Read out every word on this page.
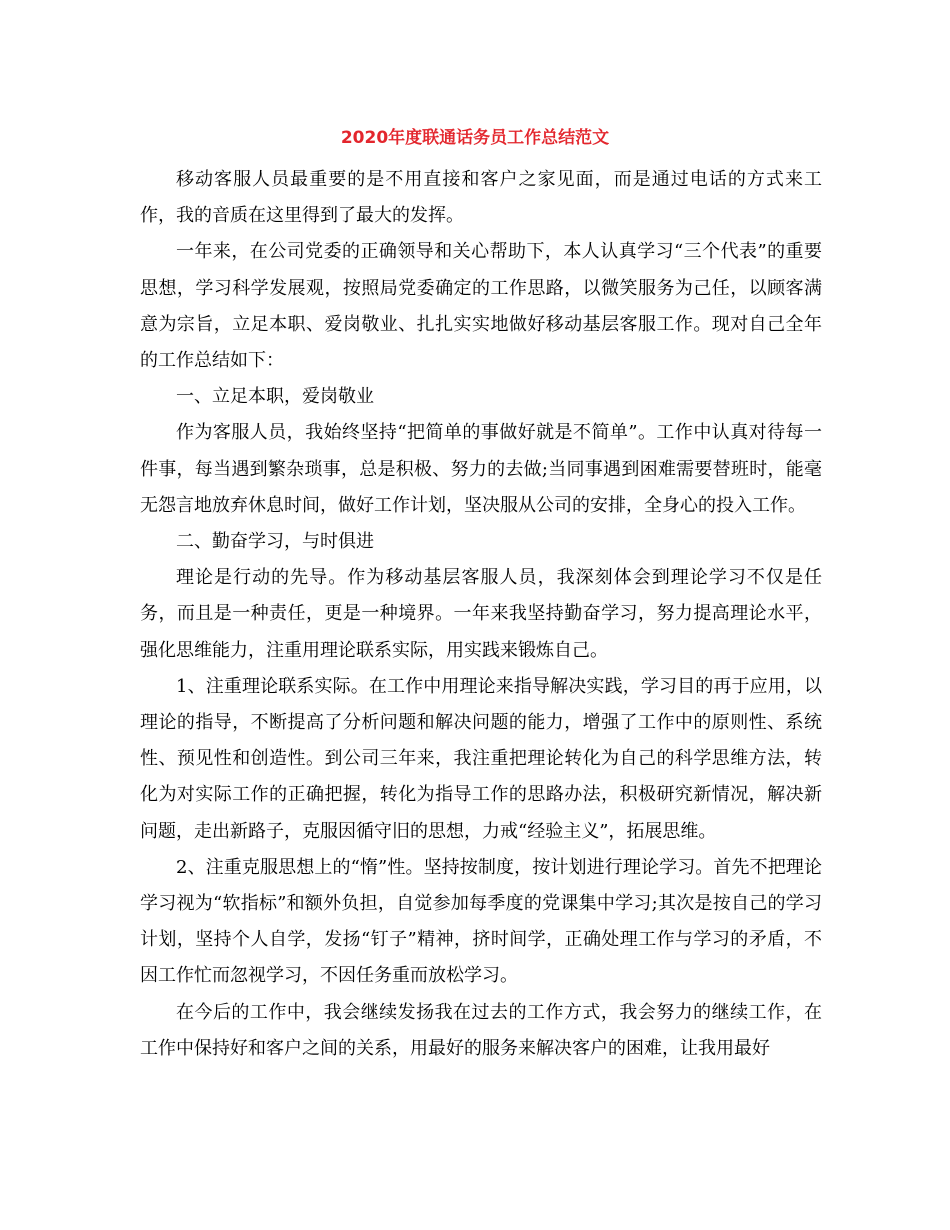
2020年度联通话务员工作总结范文

移动客服人员最重要的是不用直接和客户之家见面，而是通过电话的方式来工作，我的音质在这里得到了最大的发挥。

一年来，在公司党委的正确领导和关心帮助下，本人认真学习“三个代表”的重要思想，学习科学发展观，按照局党委确定的工作思路，以微笑服务为己任，以顾客满意为宗旨，立足本职、爱岗敬业、扎扎实实地做好移动基层客服工作。现对自己全年的工作总结如下：

一、立足本职，爱岗敬业

作为客服人员，我始终坚持“把简单的事做好就是不简单”。工作中认真对待每一件事，每当遇到繁杂琐事，总是积极、努力的去做;当同事遇到困难需要替班时，能毫无怨言地放弃休息时间，做好工作计划，坚决服从公司的安排，全身心的投入工作。

二、勤奋学习，与时俱进

理论是行动的先导。作为移动基层客服人员，我深刻体会到理论学习不仅是任务，而且是一种责任，更是一种境界。一年来我坚持勤奋学习，努力提高理论水平，强化思维能力，注重用理论联系实际，用实践来锻炼自己。

1、注重理论联系实际。在工作中用理论来指导解决实践，学习目的再于应用，以理论的指导，不断提高了分析问题和解决问题的能力，增强了工作中的原则性、系统性、预见性和创造性。到公司三年来，我注重把理论转化为自己的科学思维方法，转化为对实际工作的正确把握，转化为指导工作的思路办法，积极研究新情况，解决新问题，走出新路子，克服因循守旧的思想，力戒“经验主义”，拓展思维。

2、注重克服思想上的“惰”性。坚持按制度，按计划进行理论学习。首先不把理论学习视为“软指标”和额外负担，自觉参加每季度的党课集中学习;其次是按自己的学习计划，坚持个人自学，发扬“钉子”精神，挤时间学，正确处理工作与学习的矛盾，不因工作忙而忽视学习，不因任务重而放松学习。

在今后的工作中，我会继续发扬我在过去的工作方式，我会努力的继续工作，在工作中保持好和客户之间的关系，用最好的服务来解决客户的困难，让我用最好
